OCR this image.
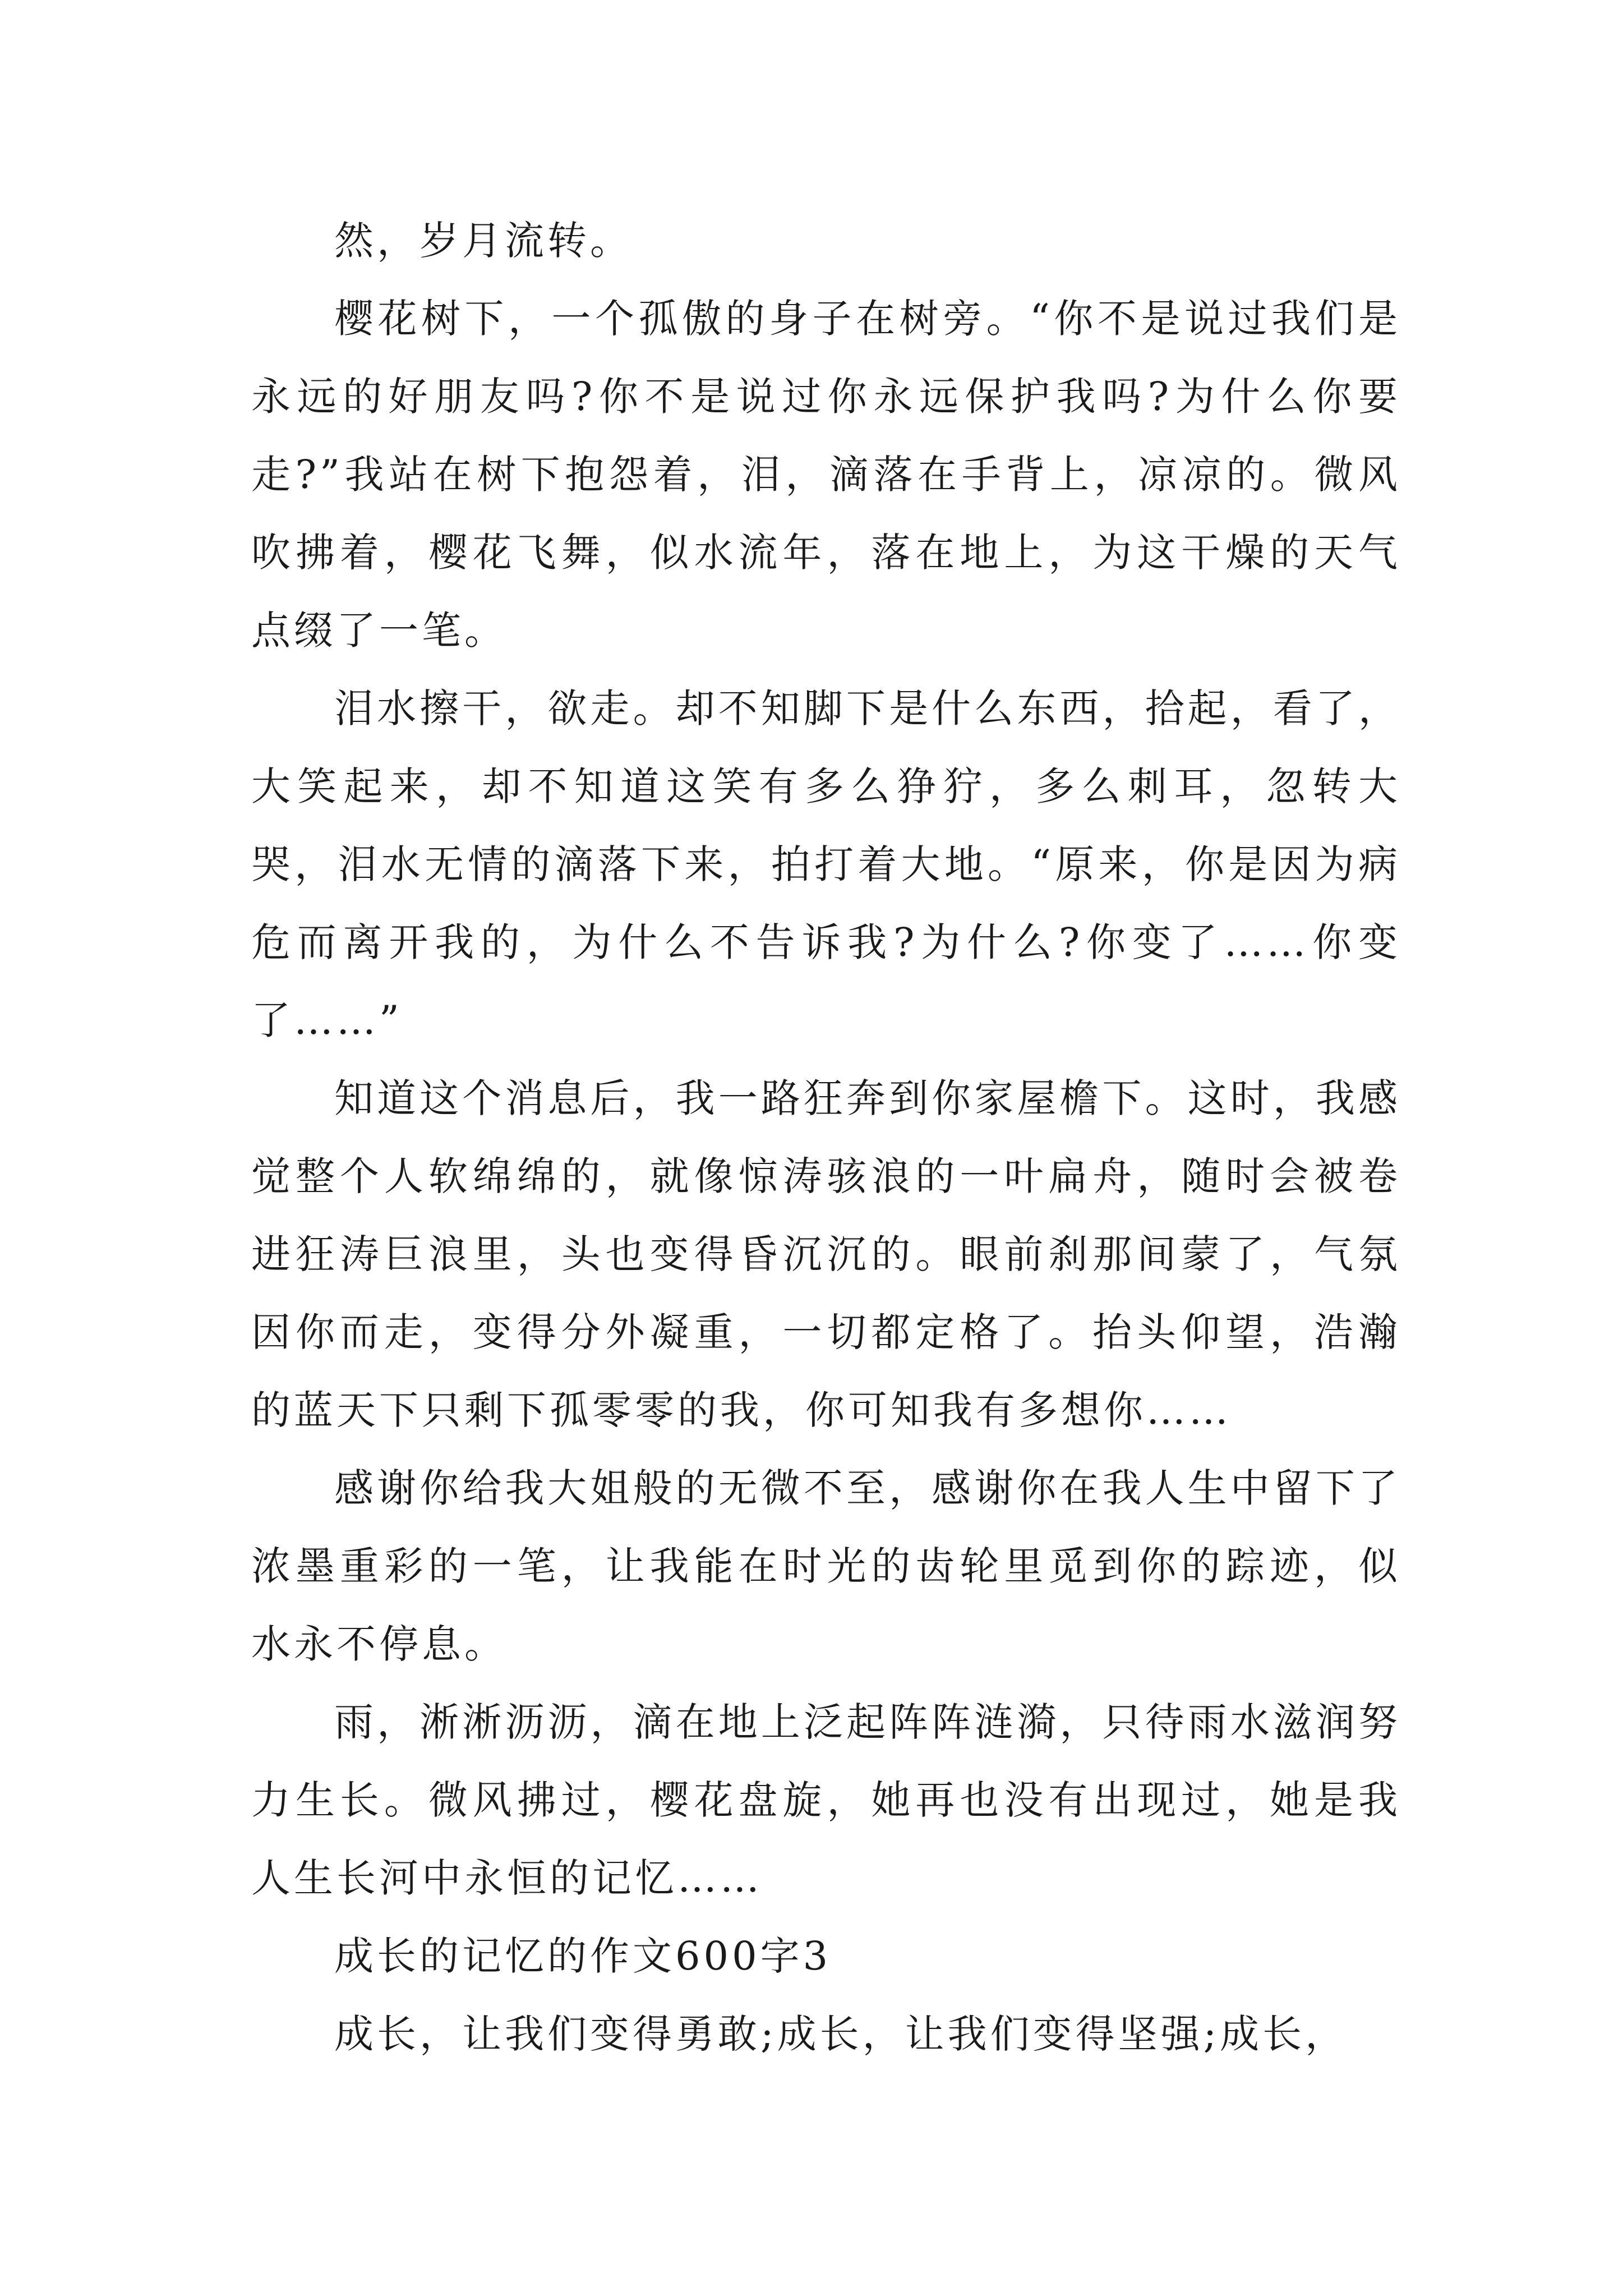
然，岁月流转。

樱花树下，一个孤傲的身子在树旁。“你不是说过我们是永远的好朋友吗?你不是说过你永远保护我吗?为什么你要走?”我站在树下抱怨着，泪，滴落在手背上，凉凉的。微风吹拂着，樱花飞舞，似水流年，落在地上，为这干燥的天气点缀了一笔。

泪水擦干，欲走。却不知脚下是什么东西，拾起，看了，大笑起来，却不知道这笑有多么狰狞，多么刺耳，忽转大哭，泪水无情的滴落下来，拍打着大地。“原来，你是因为病危而离开我的，为什么不告诉我?为什么?你变了……你变了……”

知道这个消息后，我一路狂奔到你家屋檐下。这时，我感觉整个人软绵绵的，就像惊涛骇浪的一叶扁舟，随时会被卷进狂涛巨浪里，头也变得昏沉沉的。眼前刹那间蒙了，气氛因你而走，变得分外凝重，一切都定格了。抬头仰望，浩瀚的蓝天下只剩下孤零零的我，你可知我有多想你……

感谢你给我大姐般的无微不至，感谢你在我人生中留下了浓墨重彩的一笔，让我能在时光的齿轮里觅到你的踪迹，似水永不停息。

雨，淅淅沥沥，滴在地上泛起阵阵涟漪，只待雨水滋润努力生长。微风拂过，樱花盘旋，她再也没有出现过，她是我人生长河中永恒的记忆……

成长的记忆的作文600字3

成长，让我们变得勇敢;成长，让我们变得坚强;成长，
